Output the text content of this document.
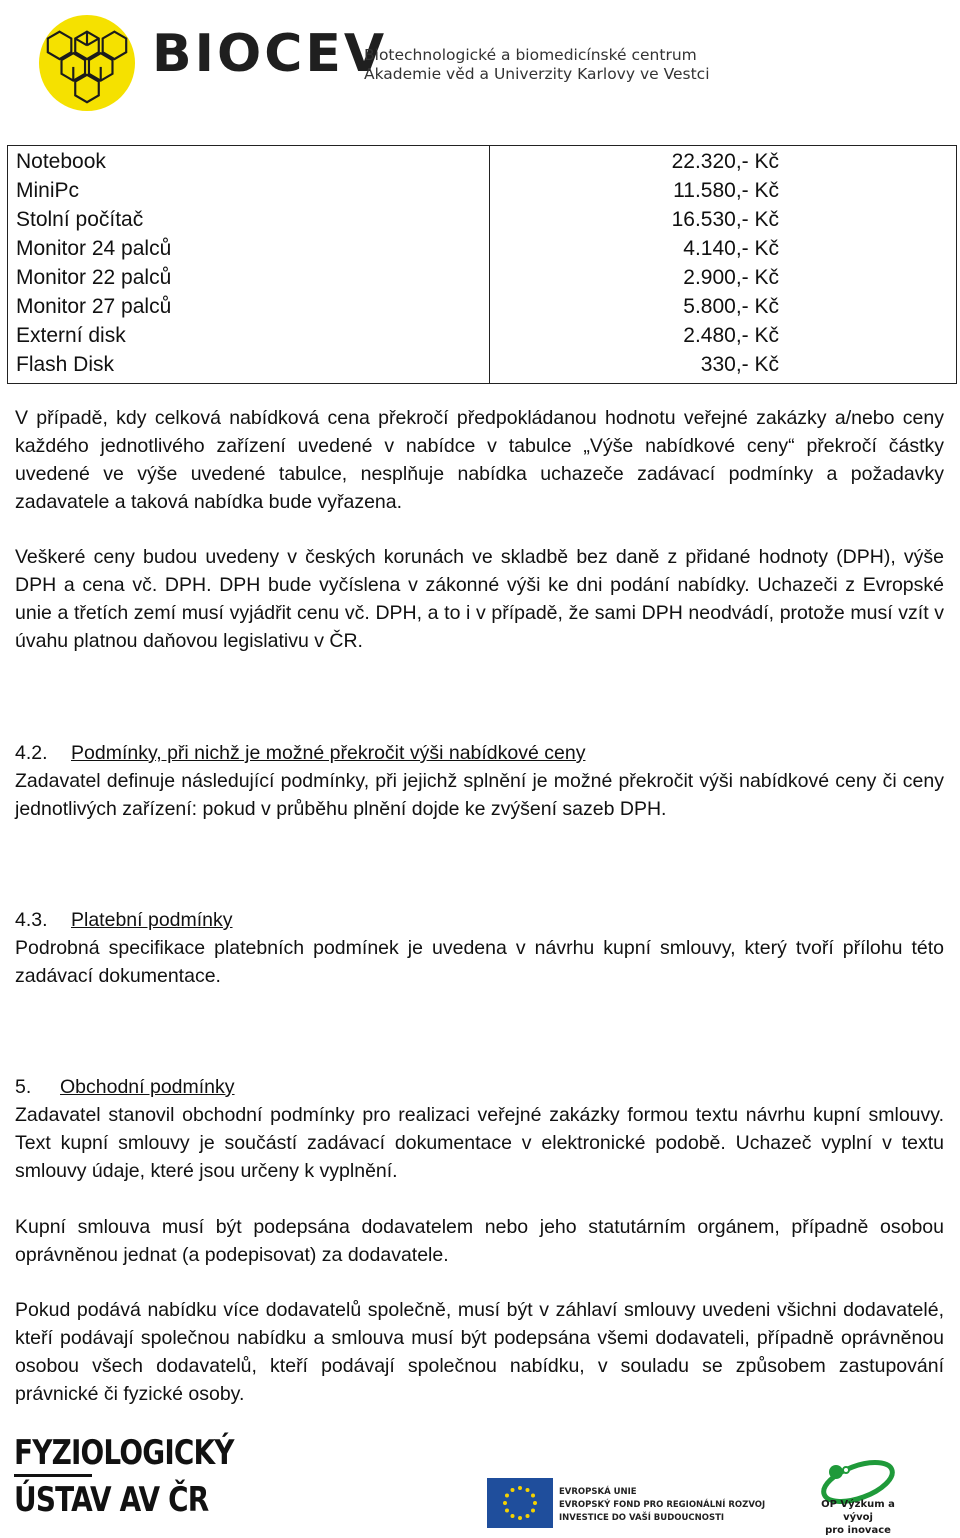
BIOCEV
Biotechnologické a biomedicínské centrum
Akademie věd a Univerzity Karlovy ve Vestci
Notebook	22.320,- Kč
MiniPc	11.580,- Kč
Stolní počítač	16.530,- Kč
Monitor 24 palců	4.140,- Kč
Monitor 22 palců	2.900,- Kč
Monitor 27 palců	5.800,- Kč
Externí disk	2.480,- Kč
Flash Disk	330,- Kč

V případě, kdy celková nabídková cena překročí předpokládanou hodnotu veřejné zakázky a/nebo ceny každého jednotlivého zařízení uvedené v nabídce v tabulce „Výše nabídkové ceny“ překročí částky uvedené ve výše uvedené tabulce, nesplňuje nabídka uchazeče zadávací podmínky a požadavky zadavatele a taková nabídka bude vyřazena.

Veškeré ceny budou uvedeny v českých korunách ve skladbě bez daně z přidané hodnoty (DPH), výše DPH a cena vč. DPH. DPH bude vyčíslena v zákonné výši ke dni podání nabídky. Uchazeči z Evropské unie a třetích zemí musí vyjádřit cenu vč. DPH, a to i v případě, že sami DPH neodvádí, protože musí vzít v úvahu platnou daňovou legislativu v ČR.

4.2. Podmínky, při nichž je možné překročit výši nabídkové ceny

Zadavatel definuje následující podmínky, při jejichž splnění je možné překročit výši nabídkové ceny či ceny jednotlivých zařízení: pokud v průběhu plnění dojde ke zvýšení sazeb DPH.

4.3. Platební podmínky

Podrobná specifikace platebních podmínek je uvedena v návrhu kupní smlouvy, který tvoří přílohu této zadávací dokumentace.

5. Obchodní podmínky

Zadavatel stanovil obchodní podmínky pro realizaci veřejné zakázky formou textu návrhu kupní smlouvy. Text kupní smlouvy je součástí zadávací dokumentace v elektronické podobě. Uchazeč vyplní v textu smlouvy údaje, které jsou určeny k vyplnění.

Kupní smlouva musí být podepsána dodavatelem nebo jeho statutárním orgánem, případně osobou oprávněnou jednat (a podepisovat) za dodavatele.

Pokud podává nabídku více dodavatelů společně, musí být v záhlaví smlouvy uvedeni všichni dodavatelé, kteří podávají společnou nabídku a smlouva musí být podepsána všemi dodavateli, případně oprávněnou osobou všech dodavatelů, kteří podávají společnou nabídku, v souladu se způsobem zastupování právnické či fyzické osoby.

FYZIOLOGICKÝ
ÚSTAV AV ČR	EVROPSKÁ UNIE
EVROPSKÝ FOND PRO REGIONÁLNÍ ROZVOJ
INVESTICE DO VAŠÍ BUDOUCNOSTI
OP Výzkum a vývoj
pro inovace
